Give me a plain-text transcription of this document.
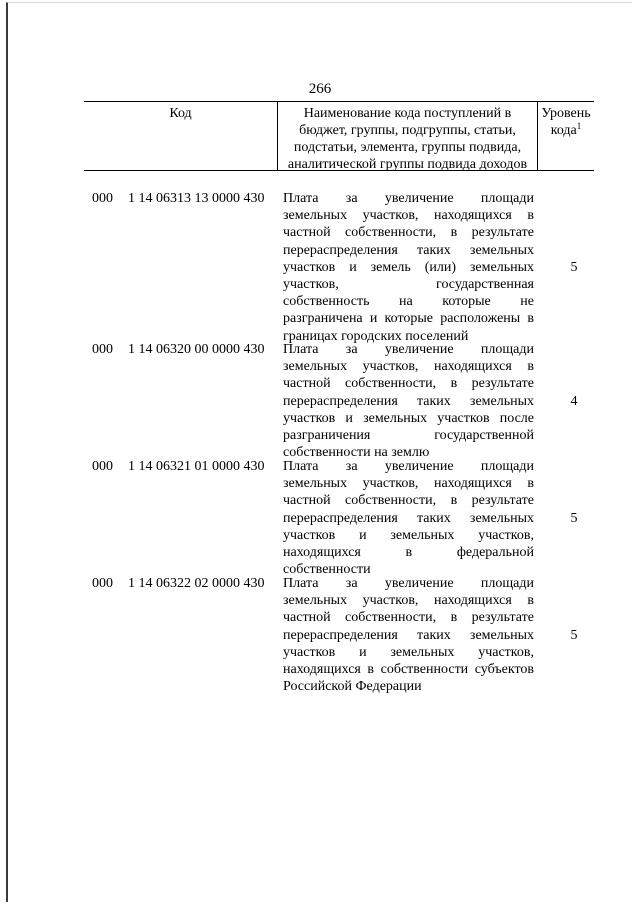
266
Код	Наименование кода поступлений в
бюджет, группы, подгруппы, статьи,
подстатьи, элемента, группы подвида,
аналитической группы подвида доходов
Уровень
кода$^1$
000 1 14 06313 13 0000 430 Плата за увеличение площади
земельных участков, находящихся в
частной собственности, в результате
перераспределения таких земельных
участков и земель (или) земельных
участков, государственная
собственность на которые не
разграничена и которые расположены в
границах городских поселений
5
000 1 14 06320 00 0000 430 Плата за увеличение площади
земельных участков, находящихся в
частной собственности, в результате
перераспределения таких земельных
участков и земельных участков после
разграничения государственной
собственности на землю
4
000 1 14 06321 01 0000 430 Плата за увеличение площади
земельных участков, находящихся в
частной собственности, в результате
перераспределения таких земельных
участков и земельных участков,
находящихся в федеральной
собственности
5
000 1 14 06322 02 0000 430 Плата за увеличение площади
земельных участков, находящихся в
частной собственности, в результате
перераспределения таких земельных
участков и земельных участков,
находящихся в собственности субъектов
Российской Федерации
5
